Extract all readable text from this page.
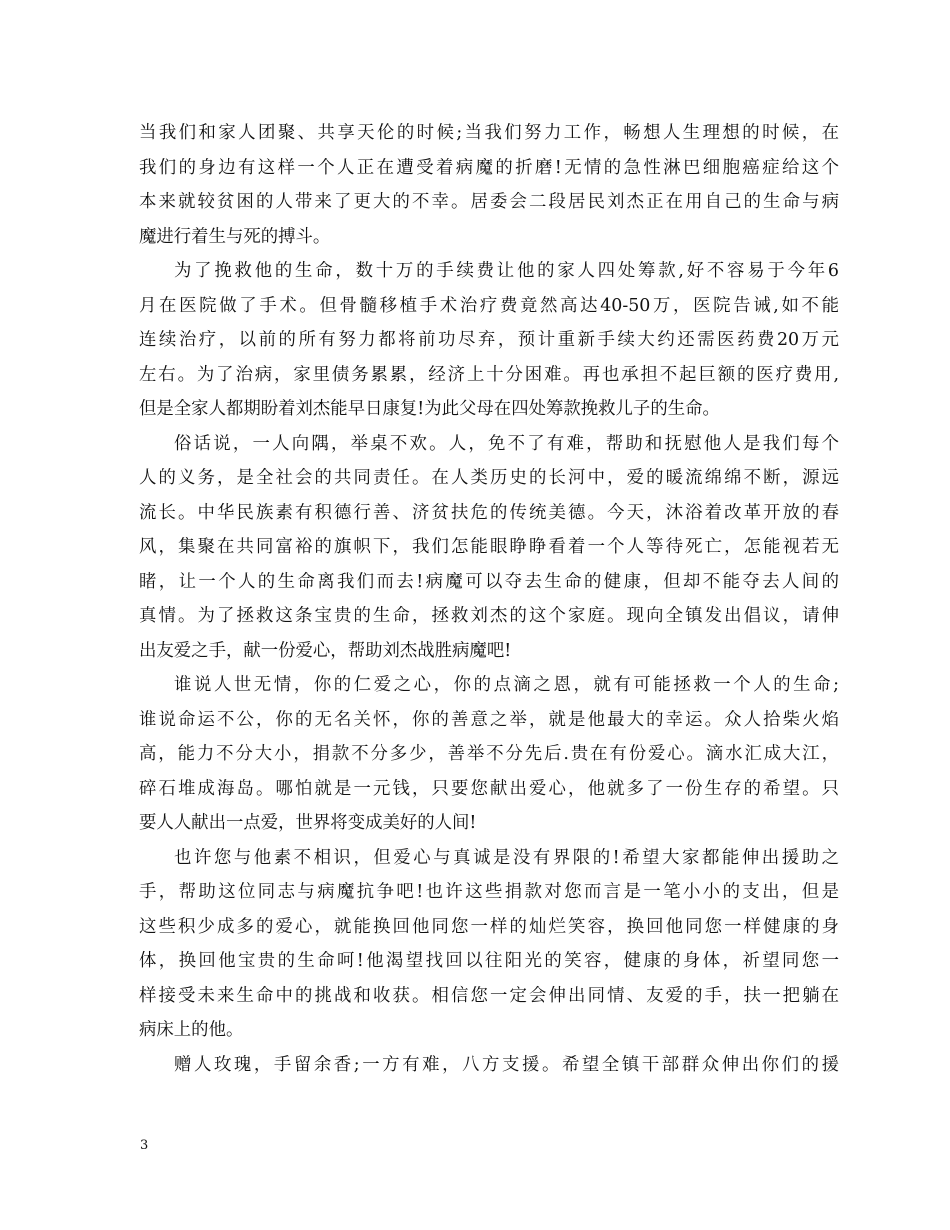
当我们和家人团聚、共享天伦的时候;当我们努力工作，畅想人生理想的时候，在
我们的身边有这样一个人正在遭受着病魔的折磨!无情的急性淋巴细胞癌症给这个
本来就较贫困的人带来了更大的不幸。居委会二段居民刘杰正在用自己的生命与病
魔进行着生与死的搏斗。
为了挽救他的生命，数十万的手续费让他的家人四处筹款,好不容易于今年6
月在医院做了手术。但骨髓移植手术治疗费竟然高达40-50万，医院告诫,如不能
连续治疗，以前的所有努力都将前功尽弃，预计重新手续大约还需医药费20万元
左右。为了治病，家里债务累累，经济上十分困难。再也承担不起巨额的医疗费用,
但是全家人都期盼着刘杰能早日康复!为此父母在四处筹款挽救儿子的生命。
俗话说，一人向隅，举桌不欢。人，免不了有难，帮助和抚慰他人是我们每个
人的义务，是全社会的共同责任。在人类历史的长河中，爱的暖流绵绵不断，源远
流长。中华民族素有积德行善、济贫扶危的传统美德。今天，沐浴着改革开放的春
风，集聚在共同富裕的旗帜下，我们怎能眼睁睁看着一个人等待死亡，怎能视若无
睹，让一个人的生命离我们而去!病魔可以夺去生命的健康，但却不能夺去人间的
真情。为了拯救这条宝贵的生命，拯救刘杰的这个家庭。现向全镇发出倡议，请伸
出友爱之手，献一份爱心，帮助刘杰战胜病魔吧!
谁说人世无情，你的仁爱之心，你的点滴之恩，就有可能拯救一个人的生命;
谁说命运不公，你的无名关怀，你的善意之举，就是他最大的幸运。众人拾柴火焰
高，能力不分大小，捐款不分多少，善举不分先后.贵在有份爱心。滴水汇成大江，
碎石堆成海岛。哪怕就是一元钱，只要您献出爱心，他就多了一份生存的希望。只
要人人献出一点爱，世界将变成美好的人间!
也许您与他素不相识，但爱心与真诚是没有界限的!希望大家都能伸出援助之
手，帮助这位同志与病魔抗争吧!也许这些捐款对您而言是一笔小小的支出，但是
这些积少成多的爱心，就能换回他同您一样的灿烂笑容，换回他同您一样健康的身
体，换回他宝贵的生命呵!他渴望找回以往阳光的笑容，健康的身体，祈望同您一
样接受未来生命中的挑战和收获。相信您一定会伸出同情、友爱的手，扶一把躺在
病床上的他。
赠人玫瑰，手留余香;一方有难，八方支援。希望全镇干部群众伸出你们的援
3
